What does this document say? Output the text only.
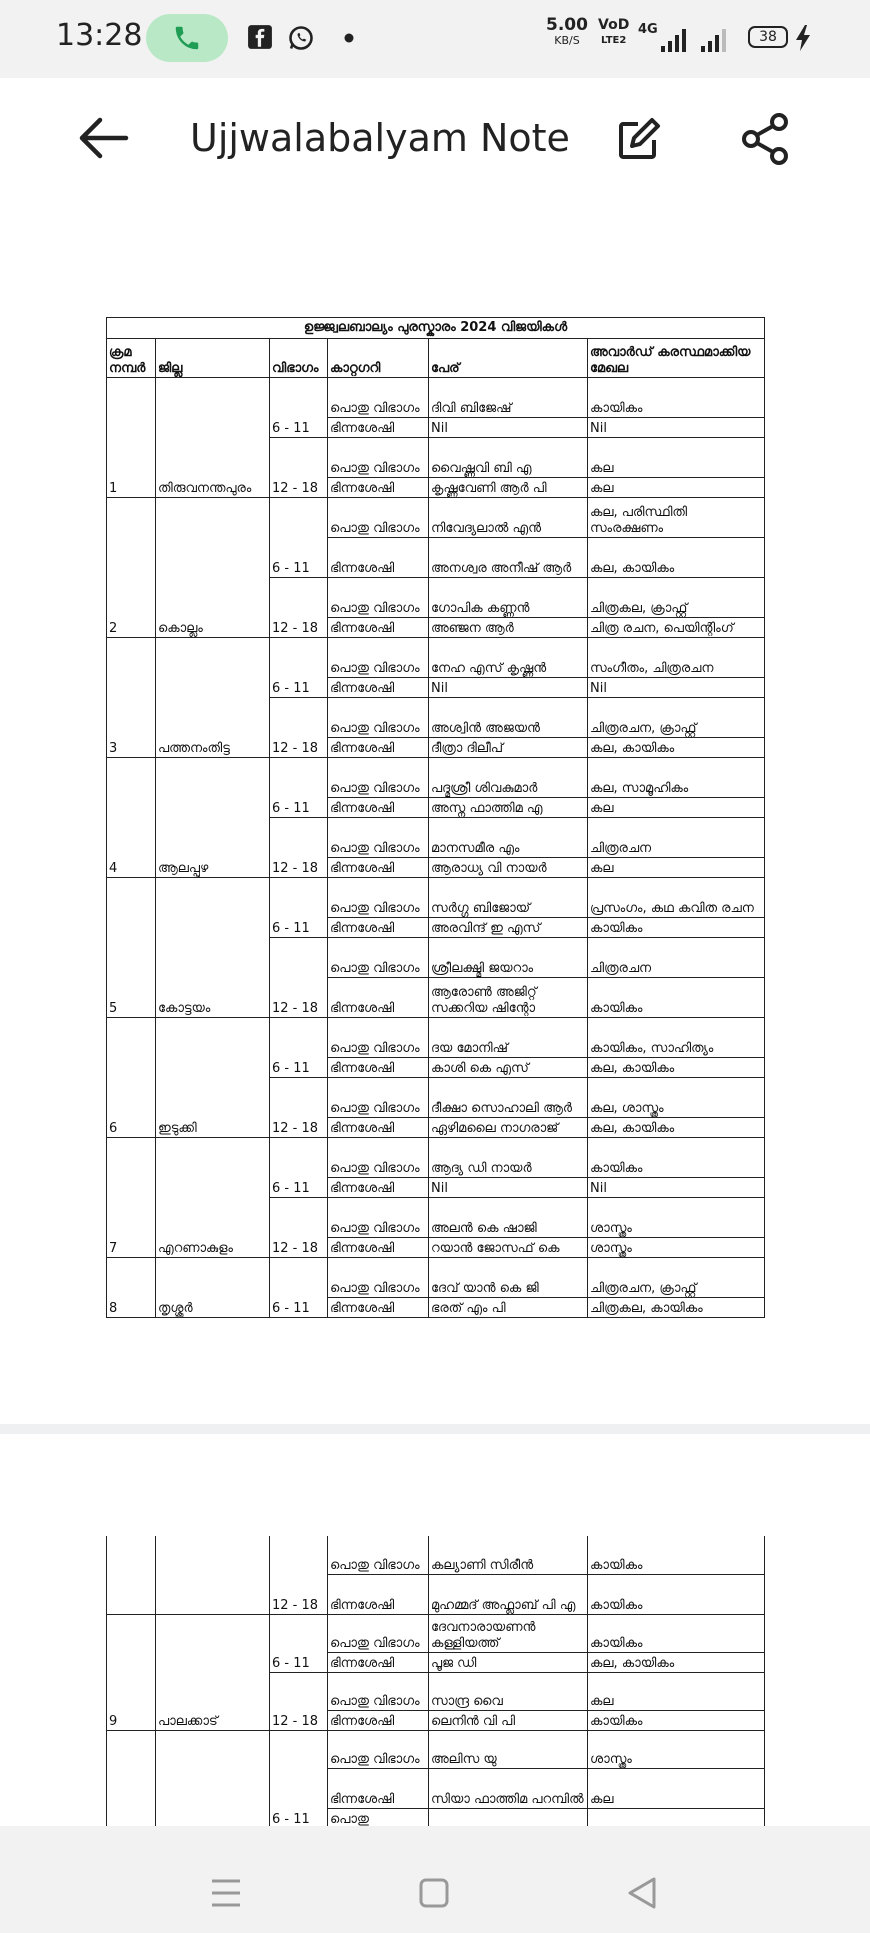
13:28	5.00
KB/S
VoD
LTE2
4G	38
Ujjwalabalyam Note
ഉജ്ജ്വലബാല്യം പുരസ്കാരം 2024 വിജയികൾ					
ക്രമ നമ്പർ	ജില്ല	വിഭാഗം	കാറ്റഗറി	പേര്	അവാർഡ് കരസ്ഥമാക്കിയ മേഖല
1	തിരുവനന്തപുരം	6 - 11	പൊതു വിഭാഗം	ദിവി ബിജേഷ്	കായികം
			ഭിന്നശേഷി	Nil	Nil
		12 - 18	പൊതു വിഭാഗം	വൈഷ്ണവി ബി എ	കല
			ഭിന്നശേഷി	കൃഷ്ണവേണി ആർ പി	കല
2	കൊല്ലം	6 - 11	പൊതു വിഭാഗം	നിവേദ്യലാൽ എൻ	കല, പരിസ്ഥിതി സംരക്ഷണം
			ഭിന്നശേഷി	അനശ്വര അനീഷ് ആർ	കല, കായികം
		12 - 18	പൊതു വിഭാഗം	ഗോപിക കണ്ണൻ	ചിത്രകല, ക്രാഫ്റ്റ്
			ഭിന്നശേഷി	അഞ്ജന ആർ	ചിത്ര രചന, പെയിന്റിംഗ്
3	പത്തനംതിട്ട	6 - 11	പൊതു വിഭാഗം	നേഹ എസ് കൃഷ്ണൻ	സംഗീതം, ചിത്രരചന
			ഭിന്നശേഷി	Nil	Nil
		12 - 18	പൊതു വിഭാഗം	അശ്വിൻ അജയൻ	ചിത്രരചന, ക്രാഫ്റ്റ്
			ഭിന്നശേഷി	ദീത്രാ ദിലീപ്	കല, കായികം
4	ആലപ്പുഴ	6 - 11	പൊതു വിഭാഗം	പദ്മശ്രീ ശിവകുമാർ	കല, സാമൂഹികം
			ഭിന്നശേഷി	അസ്ന ഫാത്തിമ എ	കല
		12 - 18	പൊതു വിഭാഗം	മാനസമീര എം	ചിത്രരചന
			ഭിന്നശേഷി	ആരാധ്യ വി നായർ	കല
5	കോട്ടയം	6 - 11	പൊതു വിഭാഗം	സർഗ്ഗ ബിജോയ്	പ്രസംഗം, കഥ കവിത രചന
			ഭിന്നശേഷി	അരവിന്ദ് ഇ എസ്	കായികം
		12 - 18	പൊതു വിഭാഗം	ശ്രീലക്ഷ്മി ജയറാം	ചിത്രരചന
			ഭിന്നശേഷി	ആരോൺ അജിറ്റ് സക്കറിയ ഷിന്റോ	കായികം
6	ഇടുക്കി	6 - 11	പൊതു വിഭാഗം	ദയ മോനിഷ്	കായികം, സാഹിത്യം
			ഭിന്നശേഷി	കാശി കെ എസ്	കല, കായികം
		12 - 18	പൊതു വിഭാഗം	ദീക്ഷാ സൊഹാലി ആർ	കല, ശാസ്ത്രം
			ഭിന്നശേഷി	ഏഴിമലൈ നാഗരാജ്	കല, കായികം
7	എറണാകുളം	6 - 11	പൊതു വിഭാഗം	ആദ്യ ഡി നായർ	കായികം
			ഭിന്നശേഷി	Nil	Nil
		12 - 18	പൊതു വിഭാഗം	അലൻ കെ ഷാജി	ശാസ്ത്രം
			ഭിന്നശേഷി	റയാൻ ജോസഫ് കെ	ശാസ്ത്രം
8	തൃശ്ശൂർ	6 - 11	പൊതു വിഭാഗം	ദേവ് യാൻ കെ ജി	ചിത്രരചന, ക്രാഫ്റ്റ്
			ഭിന്നശേഷി	ഭരത് എം പി	ചിത്രകല, കായികം
		12 - 18	പൊതു വിഭാഗം	കല്യാണി സിരീൻ	കായികം
			ഭിന്നശേഷി	മുഹമ്മദ് അഫ്ലാബ് പി എ	കായികം
9	പാലക്കാട്	6 - 11	പൊതു വിഭാഗം	ദേവനാരായണൻ കള്ളിയത്ത്	കായികം
			ഭിന്നശേഷി	പൂജ ഡി	കല, കായികം
		12 - 18	പൊതു വിഭാഗം	സാന്ദ്ര വൈ	കല
			ഭിന്നശേഷി	ലെനിൻ വി പി	കായികം
		6 - 11	പൊതു വിഭാഗം	അലിസ യു	ശാസ്ത്രം
			ഭിന്നശേഷി	സിയാ ഫാത്തിമ പറമ്പിൽ	കല
			പൊതു		
